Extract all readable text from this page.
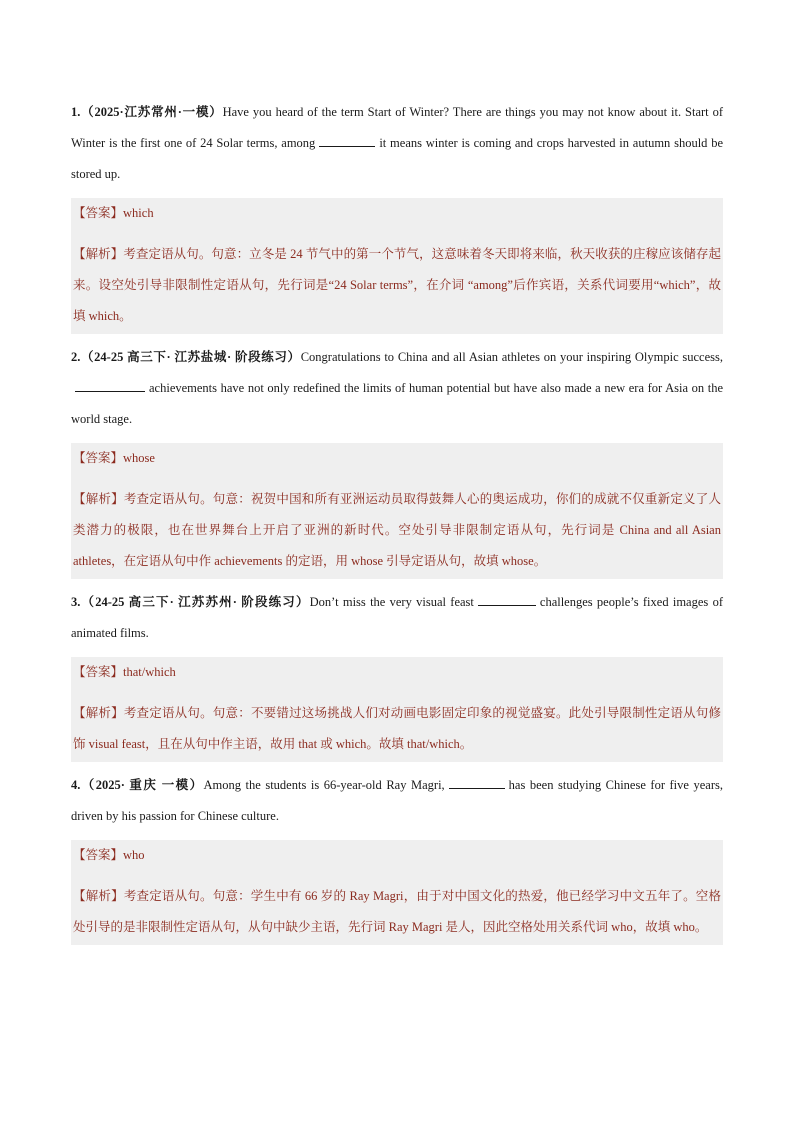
1.（2025·江苏常州·一模）Have you heard of the term Start of Winter? There are things you may not know about it. Start of Winter is the first one of 24 Solar terms, among	it means winter is coming and crops harvested in autumn should be stored up.

【答案】which
【解析】考查定语从句。句意：立冬是 24 节气中的第一个节气，这意味着冬天即将来临，秋天收获的庄稼应该储存起来。设空处引导非限制性定语从句，先行词是“24 Solar terms”，在介词 “among”后作宾语，关系代词要用“which”，故填 which。

2.（24-25 高三下· 江苏盐城· 阶段练习）Congratulations to China and all Asian athletes on your inspiring Olympic success,achievements have not only redefined the limits of human potential but have also made a new era for Asia on the world stage.

【答案】whose
【解析】考查定语从句。句意：祝贺中国和所有亚洲运动员取得鼓舞人心的奥运成功，你们的成就不仅重新定义了人类潜力的极限，也在世界舞台上开启了亚洲的新时代。空处引导非限制定语从句，先行词是 China and all Asian athletes，在定语从句中作 achievements 的定语，用 whose 引导定语从句，故填 whose。

3.（24-25 高三下· 江苏苏州· 阶段练习）Don’t miss the very visual feast	challenges people’s fixed images of animated films.

【答案】that/which
【解析】考查定语从句。句意：不要错过这场挑战人们对动画电影固定印象的视觉盛宴。此处引导限制性定语从句修饰 visual feast，且在从句中作主语，故用 that 或 which。故填 that/which。

4.（2025· 重庆 一模）Among the students is 66-year-old Ray Magri,	has been studying Chinese for five years, driven by his passion for Chinese culture.

【答案】who
【解析】考查定语从句。句意：学生中有 66 岁的 Ray Magri，由于对中国文化的热爱，他已经学习中文五年了。空格处引导的是非限制性定语从句，从句中缺少主语，先行词 Ray Magri 是人，因此空格处用关系代词 who，故填 who。
